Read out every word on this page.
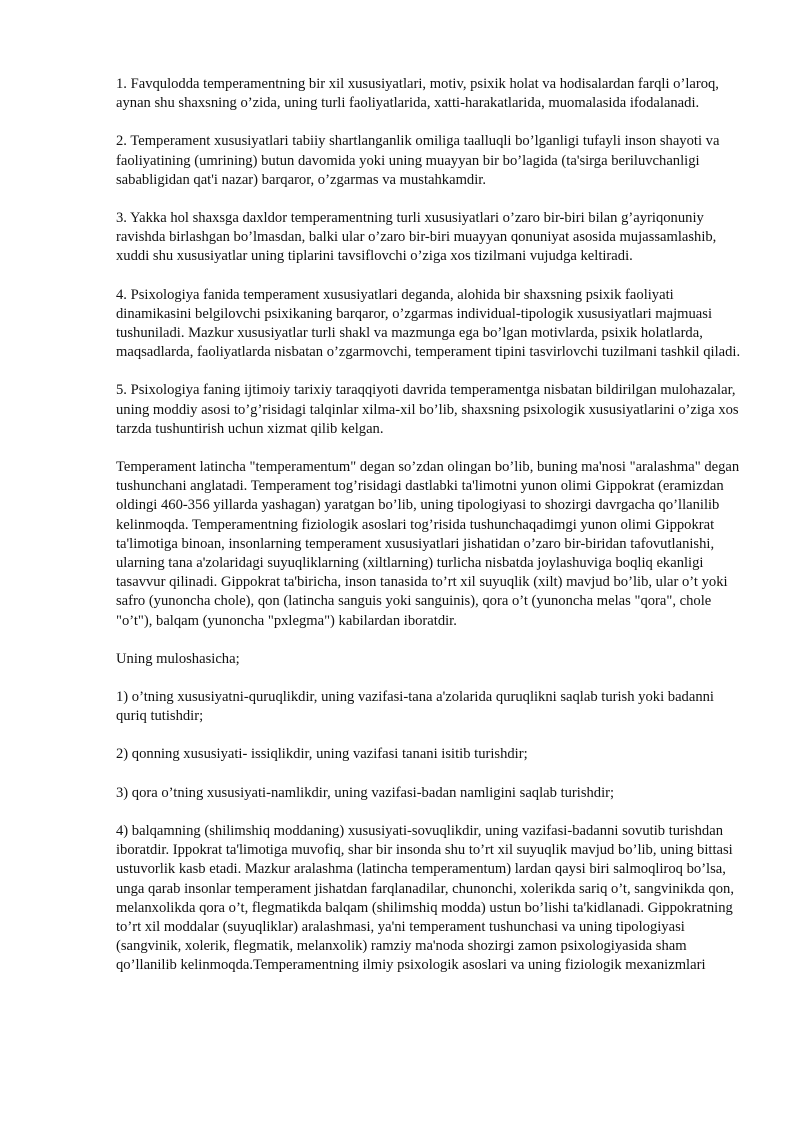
1. Favqulodda temperamentning bir xil xususiyatlari, motiv, psixik holat va hodisalardan farqli o’laroq, aynan shu shaxsning o’zida, uning turli faoliyatlarida, xatti-harakatlarida, muomalasida ifodalanadi.

2. Temperament xususiyatlari tabiiy shartlanganlik omiliga taalluqli bo’lganligi tufayli inson shayoti va faoliyatining (umrining) butun davomida yoki uning muayyan bir bo’lagida (ta'sirga beriluvchanligi sababligidan qat'i nazar) barqaror, o’zgarmas va mustahkamdir.

3. Yakka hol shaxsga daxldor temperamentning turli xususiyatlari o’zaro bir-biri bilan g’ayriqonuniy ravishda birlashgan bo’lmasdan, balki ular o’zaro bir-biri muayyan qonuniyat asosida mujassamlashib, xuddi shu xususiyatlar uning tiplarini tavsiflovchi o’ziga xos tizilmani vujudga keltiradi.

4. Psixologiya fanida temperament xususiyatlari deganda, alohida bir shaxsning psixik faoliyati dinamikasini belgilovchi psixikaning barqaror, o’zgarmas individual-tipologik xususiyatlari majmuasi tushuniladi. Mazkur xususiyatlar turli shakl va mazmunga ega bo’lgan motivlarda, psixik holatlarda, maqsadlarda, faoliyatlarda nisbatan o’zgarmovchi, temperament tipini tasvirlovchi tuzilmani tashkil qiladi.

5. Psixologiya faning ijtimoiy tarixiy taraqqiyoti davrida temperamentga nisbatan bildirilgan mulohazalar, uning moddiy asosi to’g’risidagi talqinlar xilma-xil bo’lib, shaxsning psixologik xususiyatlarini o’ziga xos tarzda tushuntirish uchun xizmat qilib kelgan.

Temperament latincha "temperamentum" degan so’zdan olingan bo’lib, buning ma'nosi "aralashma" degan tushunchani anglatadi. Temperament tog’risidagi dastlabki ta'limotni yunon olimi Gippokrat (eramizdan oldingi 460-356 yillarda yashagan) yaratgan bo’lib, uning tipologiyasi to shozirgi davrgacha qo’llanilib kelinmoqda. Temperamentning fiziologik asoslari tog’risida tushunchaqadimgi yunon olimi Gippokrat ta'limotiga binoan, insonlarning temperament xususiyatlari jishatidan o’zaro bir-biridan tafovutlanishi, ularning tana a'zolaridagi suyuqliklarning (xiltlarning) turlicha nisbatda joylashuviga boqliq ekanligi tasavvur qilinadi. Gippokrat ta'biricha, inson tanasida to’rt xil suyuqlik (xilt) mavjud bo’lib, ular o’t yoki safro (yunoncha chole), qon (latincha sanguis yoki sanguinis), qora o’t (yunoncha melas "qora", chole "o’t"), balqam (yunoncha "pxlegma") kabilardan iboratdir.

Uning muloshasicha;

1) o’tning xususiyatni-quruqlikdir, uning vazifasi-tana a'zolarida quruqlikni saqlab turish yoki badanni quriq tutishdir;

2) qonning xususiyati- issiqlikdir, uning vazifasi tanani isitib turishdir;

3) qora o’tning xususiyati-namlikdir, uning vazifasi-badan namligini saqlab turishdir;

4) balqamning (shilimshiq moddaning) xususiyati-sovuqlikdir, uning vazifasi-badanni sovutib turishdan iboratdir. Ippokrat ta'limotiga muvofiq, shar bir insonda shu to’rt xil suyuqlik mavjud bo’lib, uning bittasi ustuvorlik kasb etadi. Mazkur aralashma (latincha temperamentum) lardan qaysi biri salmoqliroq bo’lsa, unga qarab insonlar temperament jishatdan farqlanadilar, chunonchi, xolerikda sariq o’t, sangvinikda qon, melanxolikda qora o’t, flegmatikda balqam (shilimshiq modda) ustun bo’lishi ta'kidlanadi. Gippokratning to’rt xil moddalar (suyuqliklar) aralashmasi, ya'ni temperament tushunchasi va uning tipologiyasi (sangvinik, xolerik, flegmatik, melanxolik) ramziy ma'noda shozirgi zamon psixologiyasida sham qo’llanilib kelinmoqda.Temperamentning ilmiy psixologik asoslari va uning fiziologik mexanizmlari
